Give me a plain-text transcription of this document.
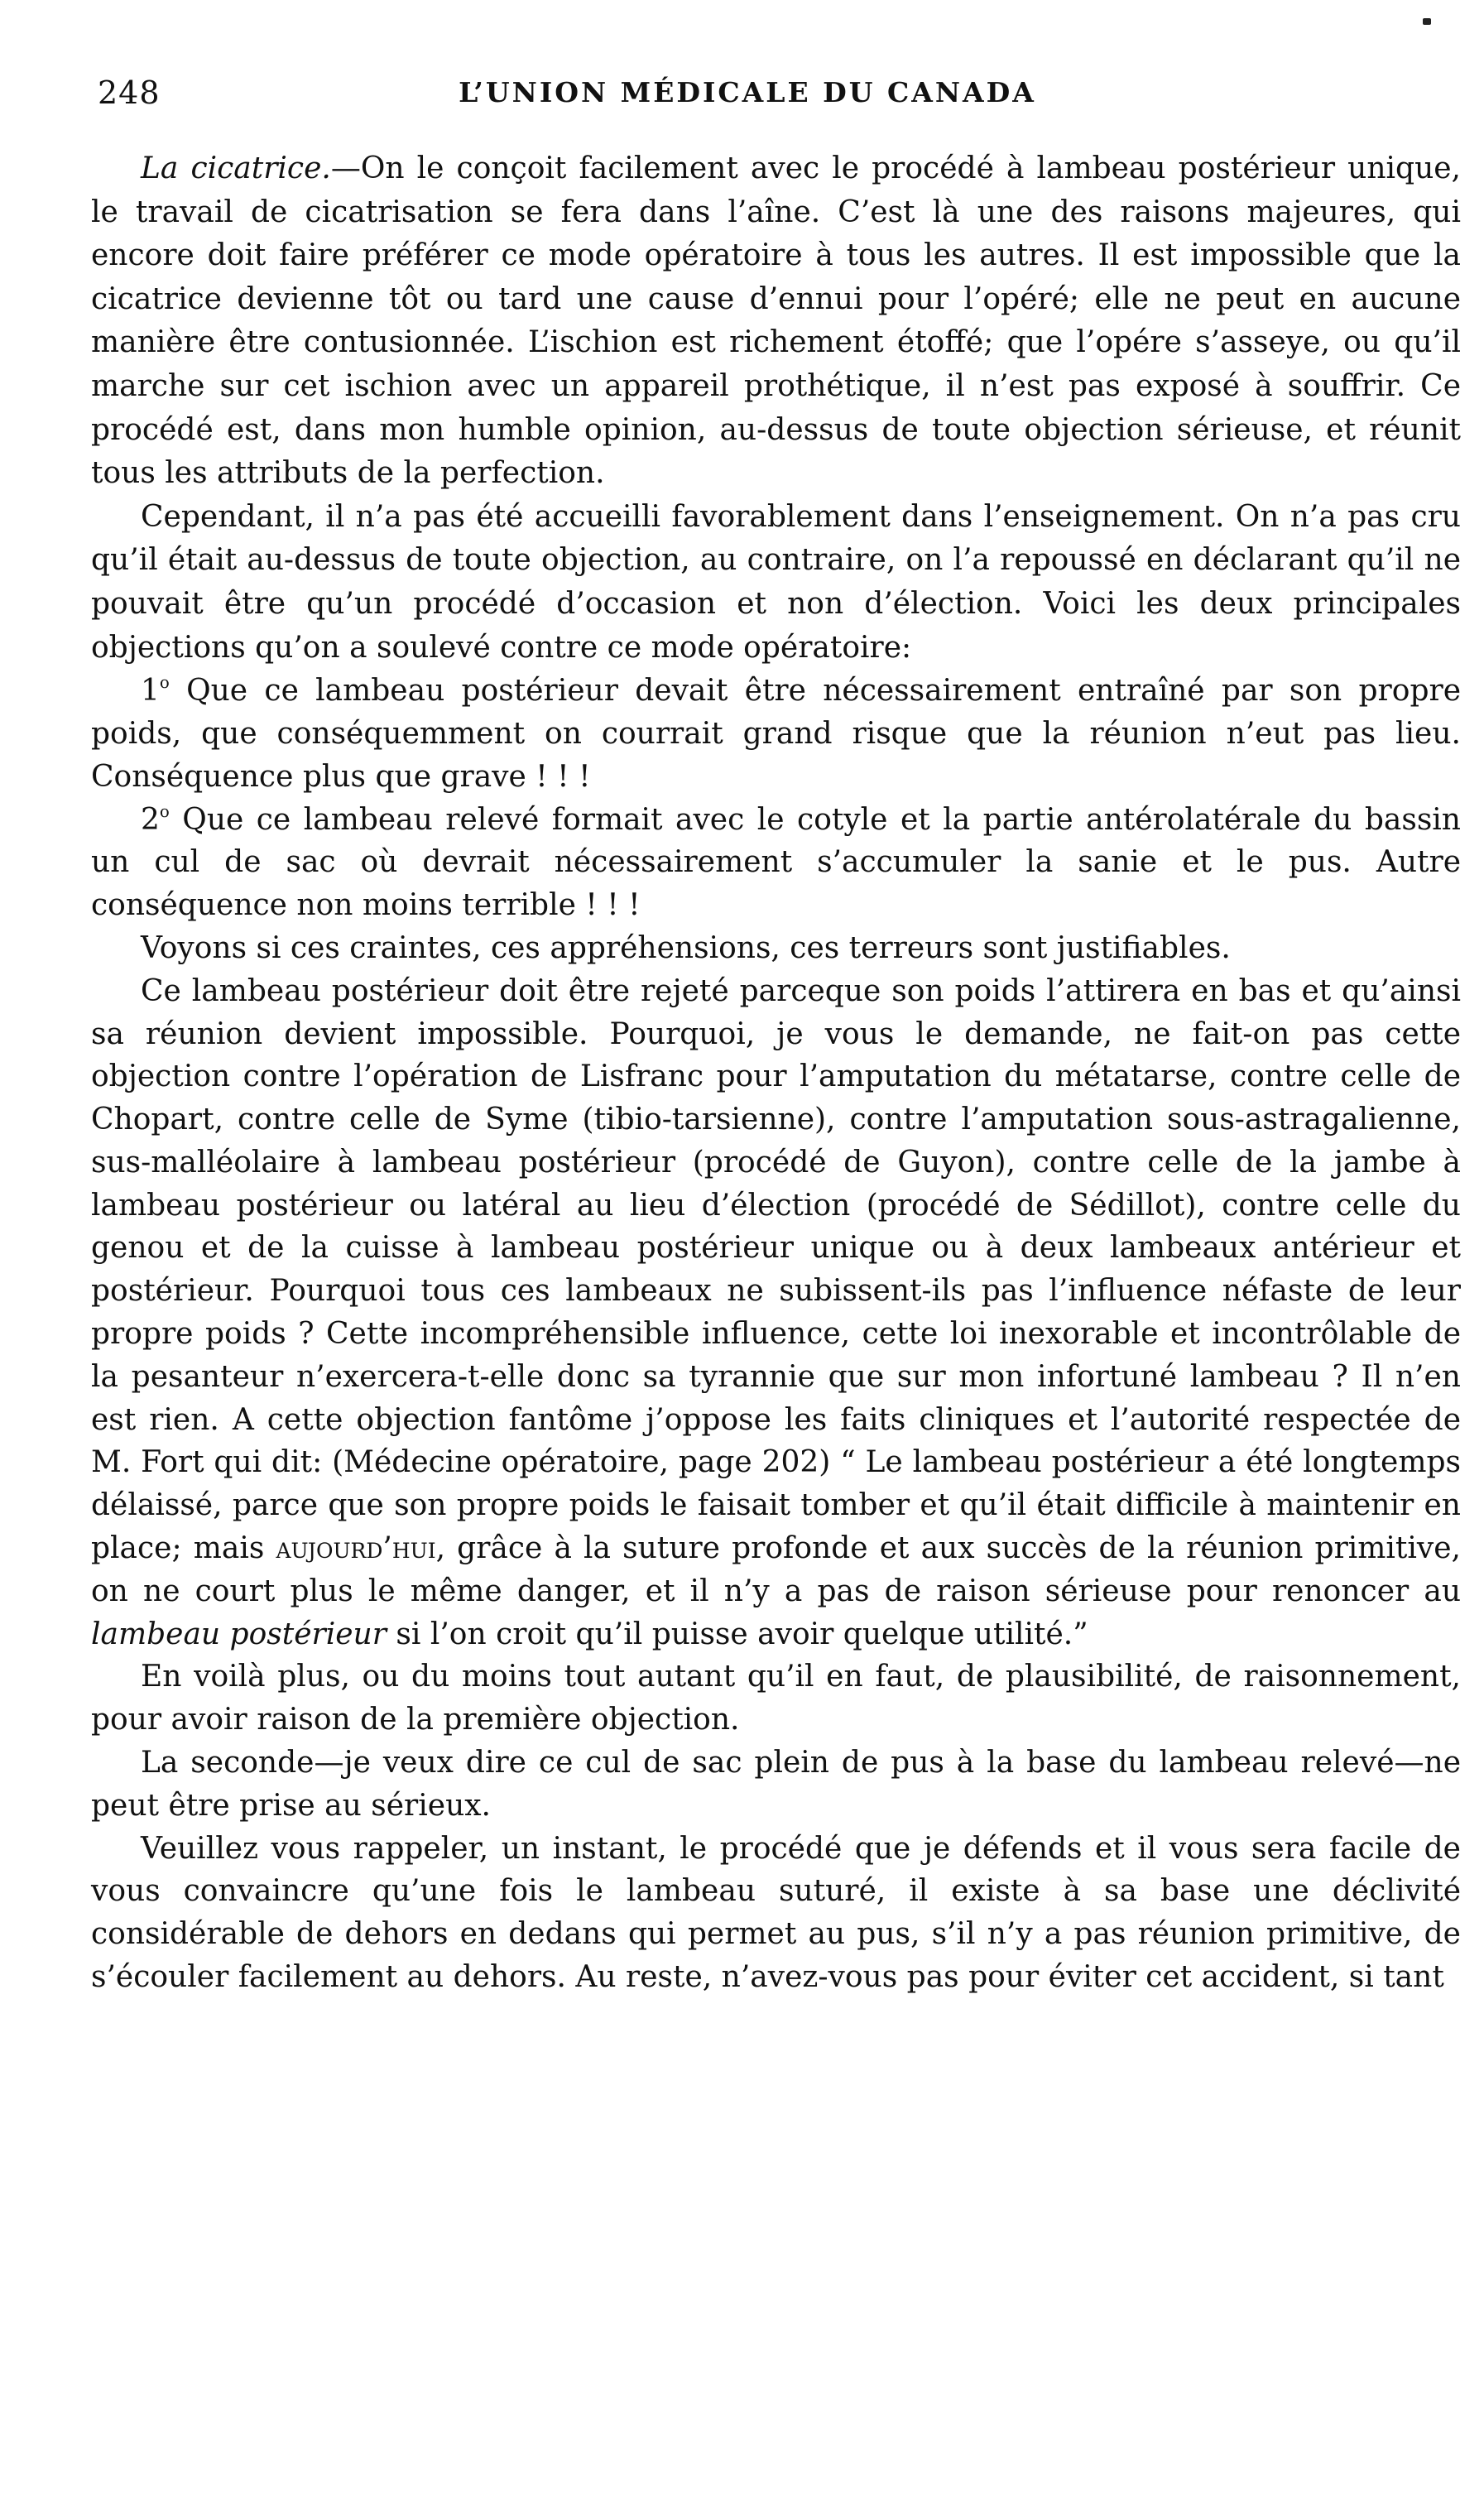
248	L’UNION MÉDICALE DU CANADA

La cicatrice.—On le conçoit facilement avec le procédé à lambeau postérieur unique, le travail de cicatrisation se fera dans l’aîne. C’est là une des raisons majeures, qui encore doit faire préférer ce mode opératoire à tous les autres. Il est impossible que la cicatrice devienne tôt ou tard une cause d’ennui pour l’opéré; elle ne peut en aucune manière être contusionnée. L’ischion est richement étoffé; que l’opére s’asseye, ou qu’il marche sur cet ischion avec un appareil prothétique, il n’est pas exposé à souffrir. Ce procédé est, dans mon humble opinion, au-dessus de toute objection sérieuse, et réunit tous les attributs de la perfection.

Cependant, il n’a pas été accueilli favorablement dans l’enseignement. On n’a pas cru qu’il était au-dessus de toute objection, au contraire, on l’a repoussé en déclarant qu’il ne pouvait être qu’un procédé d’occasion et non d’élection. Voici les deux principales objections qu’on a soulevé contre ce mode opératoire:

1$^o$ Que ce lambeau postérieur devait être nécessairement entraîné par son propre poids, que conséquemment on courrait grand risque que la réunion n’eut pas lieu. Conséquence plus que grave ! ! !

2$^o$ Que ce lambeau relevé formait avec le cotyle et la partie antérolatérale du bassin un cul de sac où devrait nécessairement s’accumuler la sanie et le pus. Autre conséquence non moins terrible ! ! !

Voyons si ces craintes, ces appréhensions, ces terreurs sont justifiables.

Ce lambeau postérieur doit être rejeté parceque son poids l’attirera en bas et qu’ainsi sa réunion devient impossible. Pourquoi, je vous le demande, ne fait-on pas cette objection contre l’opération de Lisfranc pour l’amputation du métatarse, contre celle de Chopart, contre celle de Syme (tibio-tarsienne), contre l’amputation sous-astragalienne, sus-malléolaire à lambeau postérieur (procédé de Guyon), contre celle de la jambe à lambeau postérieur ou latéral au lieu d’élection (procédé de Sédillot), contre celle du genou et de la cuisse à lambeau postérieur unique ou à deux lambeaux antérieur et postérieur. Pourquoi tous ces lambeaux ne subissent-ils pas l’influence néfaste de leur propre poids ? Cette incompréhensible influence, cette loi inexorable et incontrôlable de la pesanteur n’exercera-t-elle donc sa tyrannie que sur mon infortuné lambeau ? Il n’en est rien. A cette objection fantôme j’oppose les faits cliniques et l’autorité respectée de M. Fort qui dit: (Médecine opératoire, page 202) “ Le lambeau postérieur a été longtemps délaissé, parce que son propre poids le faisait tomber et qu’il était difficile à maintenir en place; mais aujourd’hui, grâce à la suture profonde et aux succès de la réunion primitive, on ne court plus le même danger, et il n’y a pas de raison sérieuse pour renoncer au lambeau postérieur si l’on croit qu’il puisse avoir quelque utilité.”

En voilà plus, ou du moins tout autant qu’il en faut, de plausibilité, de raisonnement, pour avoir raison de la première objection.

La seconde—je veux dire ce cul de sac plein de pus à la base du lambeau relevé—ne peut être prise au sérieux.

Veuillez vous rappeler, un instant, le procédé que je défends et il vous sera facile de vous convaincre qu’une fois le lambeau suturé, il existe à sa base une déclivité considérable de dehors en dedans qui permet au pus, s’il n’y a pas réunion primitive, de s’écouler facilement au dehors. Au reste, n’avez-vous pas pour éviter cet accident, si tant
